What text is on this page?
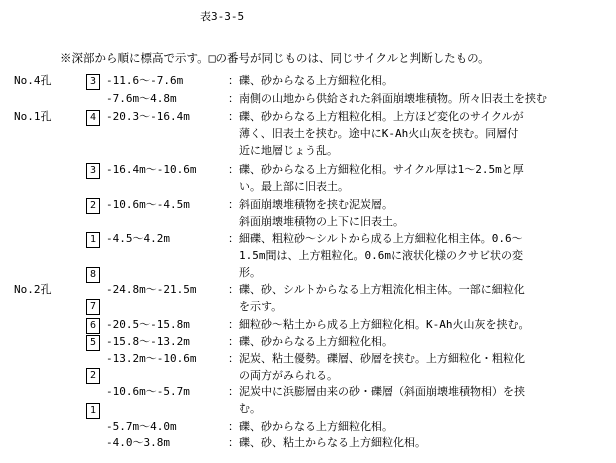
表3-3-5
※深部から順に標高で示す。□の番号が同じものは、同じサイクルと判断したもの。
No.4孔
No.1孔
No.2孔
3
4
3
2
1
8
7
6
5
2
1
-11.6～-7.6m
-7.6m～4.8m
-20.3～-16.4m
-16.4m～-10.6m
-10.6m～-4.5m
-4.5～4.2m
-24.8m～-21.5m
-20.5～-15.8m
-15.8～-13.2m
-13.2m～-10.6m
-10.6m～-5.7m
-5.7m～4.0m
-4.0～3.8m
：礫、砂からなる上方細粒化相。
：南側の山地から供給された斜面崩壊堆積物。所々旧表土を挟む
：礫、砂からなる上方粗粒化相。上方ほど変化のサイクルが
　薄く、旧表土を挟む。途中にK-Ah火山灰を挟む。同層付
　近に地層じょう乱。
：礫、砂からなる上方細粒化相。サイクル厚は1～2.5mと厚
　い。最上部に旧表土。
：斜面崩壊堆積物を挟む泥炭層。
　斜面崩壊堆積物の上下に旧表土。
：細礫、粗粒砂～シルトから成る上方細粒化相主体。0.6～
　1.5m間は、上方粗粒化。0.6mに液状化様のクサビ状の変
　形。
：礫、砂、シルトからなる上方粗流化相主体。一部に細粒化
　を示す。
：細粒砂～粘土から成る上方細粒化相。K-Ah火山灰を挟む。
：礫、砂からなる上方細粒化相。
：泥炭、粘土優勢。礫層、砂層を挟む。上方細粒化・粗粒化
　の両方がみられる。
：泥炭中に浜膨層由来の砂・礫層（斜面崩壊堆積物相）を挟
　む。
：礫、砂からなる上方細粒化相。
：礫、砂、粘土からなる上方細粒化相。
